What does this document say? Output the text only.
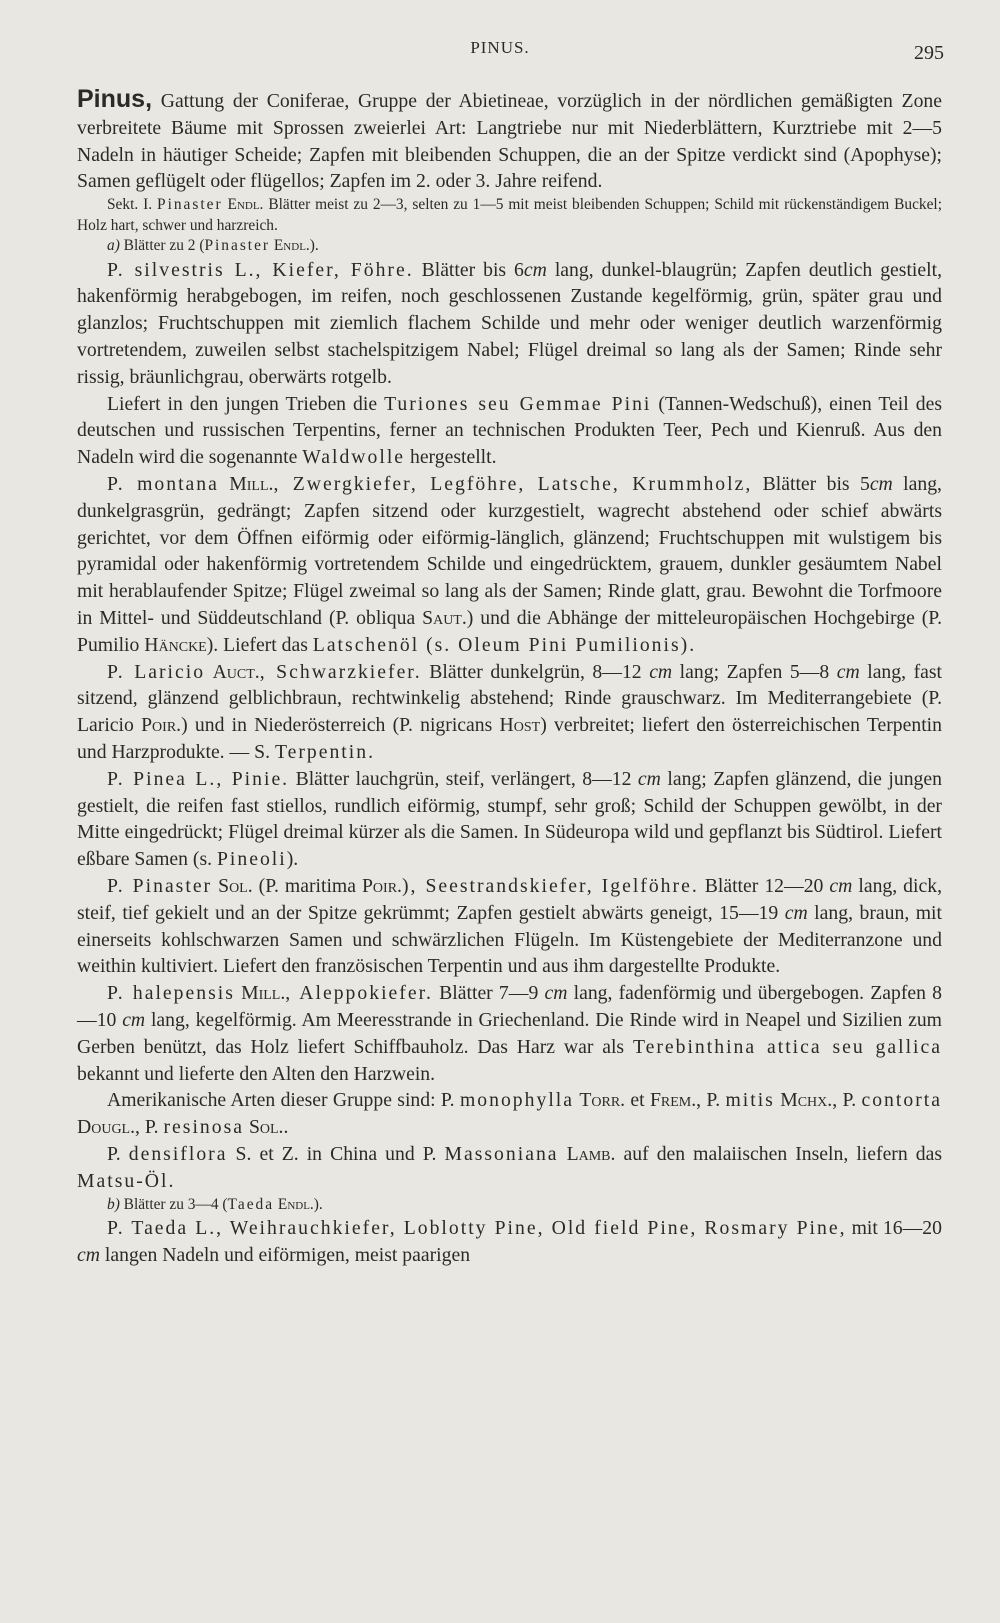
PINUS.	295

Pinus, Gattung der Coniferae, Gruppe der Abietineae, vorzüglich in der nördlichen gemäßigten Zone verbreitete Bäume mit Sprossen zweierlei Art: Langtriebe nur mit Niederblättern, Kurztriebe mit 2—5 Nadeln in häutiger Scheide; Zapfen mit bleibenden Schuppen, die an der Spitze verdickt sind (Apophyse); Samen geflügelt oder flügellos; Zapfen im 2. oder 3. Jahre reifend.

Sekt. I. Pinaster Endl. Blätter meist zu 2—3, selten zu 1—5 mit meist bleibenden Schuppen; Schild mit rückenständigem Buckel; Holz hart, schwer und harzreich.

a) Blätter zu 2 (Pinaster Endl.).

P. silvestris L., Kiefer, Föhre. Blätter bis 6cm lang, dunkel-blaugrün; Zapfen deutlich gestielt, hakenförmig herabgebogen, im reifen, noch geschlossenen Zustande kegelförmig, grün, später grau und glanzlos; Fruchtschuppen mit ziemlich flachem Schilde und mehr oder weniger deutlich warzenförmig vortretendem, zuweilen selbst stachelspitzigem Nabel; Flügel dreimal so lang als der Samen; Rinde sehr rissig, bräunlichgrau, oberwärts rotgelb.

Liefert in den jungen Trieben die Turiones seu Gemmae Pini (Tannen-Wedschuß), einen Teil des deutschen und russischen Terpentins, ferner an technischen Produkten Teer, Pech und Kienruß. Aus den Nadeln wird die sogenannte Waldwolle hergestellt.

P. montana Mill., Zwergkiefer, Legföhre, Latsche, Krummholz, Blätter bis 5cm lang, dunkelgrasgrün, gedrängt; Zapfen sitzend oder kurzgestielt, wagrecht abstehend oder schief abwärts gerichtet, vor dem Öffnen eiförmig oder eiförmig-länglich, glänzend; Fruchtschuppen mit wulstigem bis pyramidal oder hakenförmig vortretendem Schilde und eingedrücktem, grauem, dunkler gesäumtem Nabel mit herablaufender Spitze; Flügel zweimal so lang als der Samen; Rinde glatt, grau. Bewohnt die Torfmoore in Mittel- und Süddeutschland (P. obliqua Saut.) und die Abhänge der mitteleuropäischen Hochgebirge (P. Pumilio Häncke). Liefert das Latschenöl (s. Oleum Pini Pumilionis).

P. Laricio Auct., Schwarzkiefer. Blätter dunkelgrün, 8—12 cm lang; Zapfen 5—8 cm lang, fast sitzend, glänzend gelblichbraun, rechtwinkelig abstehend; Rinde grauschwarz. Im Mediterrangebiete (P. Laricio Poir.) und in Niederösterreich (P. nigricans Host) verbreitet; liefert den österreichischen Terpentin und Harzprodukte. — S. Terpentin.

P. Pinea L., Pinie. Blätter lauchgrün, steif, verlängert, 8—12 cm lang; Zapfen glänzend, die jungen gestielt, die reifen fast stiellos, rundlich eiförmig, stumpf, sehr groß; Schild der Schuppen gewölbt, in der Mitte eingedrückt; Flügel dreimal kürzer als die Samen. In Südeuropa wild und gepflanzt bis Südtirol. Liefert eßbare Samen (s. Pineoli).

P. Pinaster Sol. (P. maritima Poir.), Seestrandskiefer, Igelföhre. Blätter 12—20 cm lang, dick, steif, tief gekielt und an der Spitze gekrümmt; Zapfen gestielt abwärts geneigt, 15—19 cm lang, braun, mit einerseits kohlschwarzen Samen und schwärzlichen Flügeln. Im Küstengebiete der Mediterranzone und weithin kultiviert. Liefert den französischen Terpentin und aus ihm dargestellte Produkte.

P. halepensis Mill., Aleppokiefer. Blätter 7—9 cm lang, fadenförmig und übergebogen. Zapfen 8—10 cm lang, kegelförmig. Am Meeresstrande in Griechenland. Die Rinde wird in Neapel und Sizilien zum Gerben benützt, das Holz liefert Schiffbauholz. Das Harz war als Terebinthina attica seu gallica bekannt und lieferte den Alten den Harzwein.

Amerikanische Arten dieser Gruppe sind: P. monophylla Torr. et Frem., P. mitis Mchx., P. contorta Dougl., P. resinosa Sol..

P. densiflora S. et Z. in China und P. Massoniana Lamb. auf den malaiischen Inseln, liefern das Matsu-Öl.

b) Blätter zu 3—4 (Taeda Endl.).

P. Taeda L., Weihrauchkiefer, Loblotty Pine, Old field Pine, Rosmary Pine, mit 16—20 cm langen Nadeln und eiförmigen, meist paarigen
